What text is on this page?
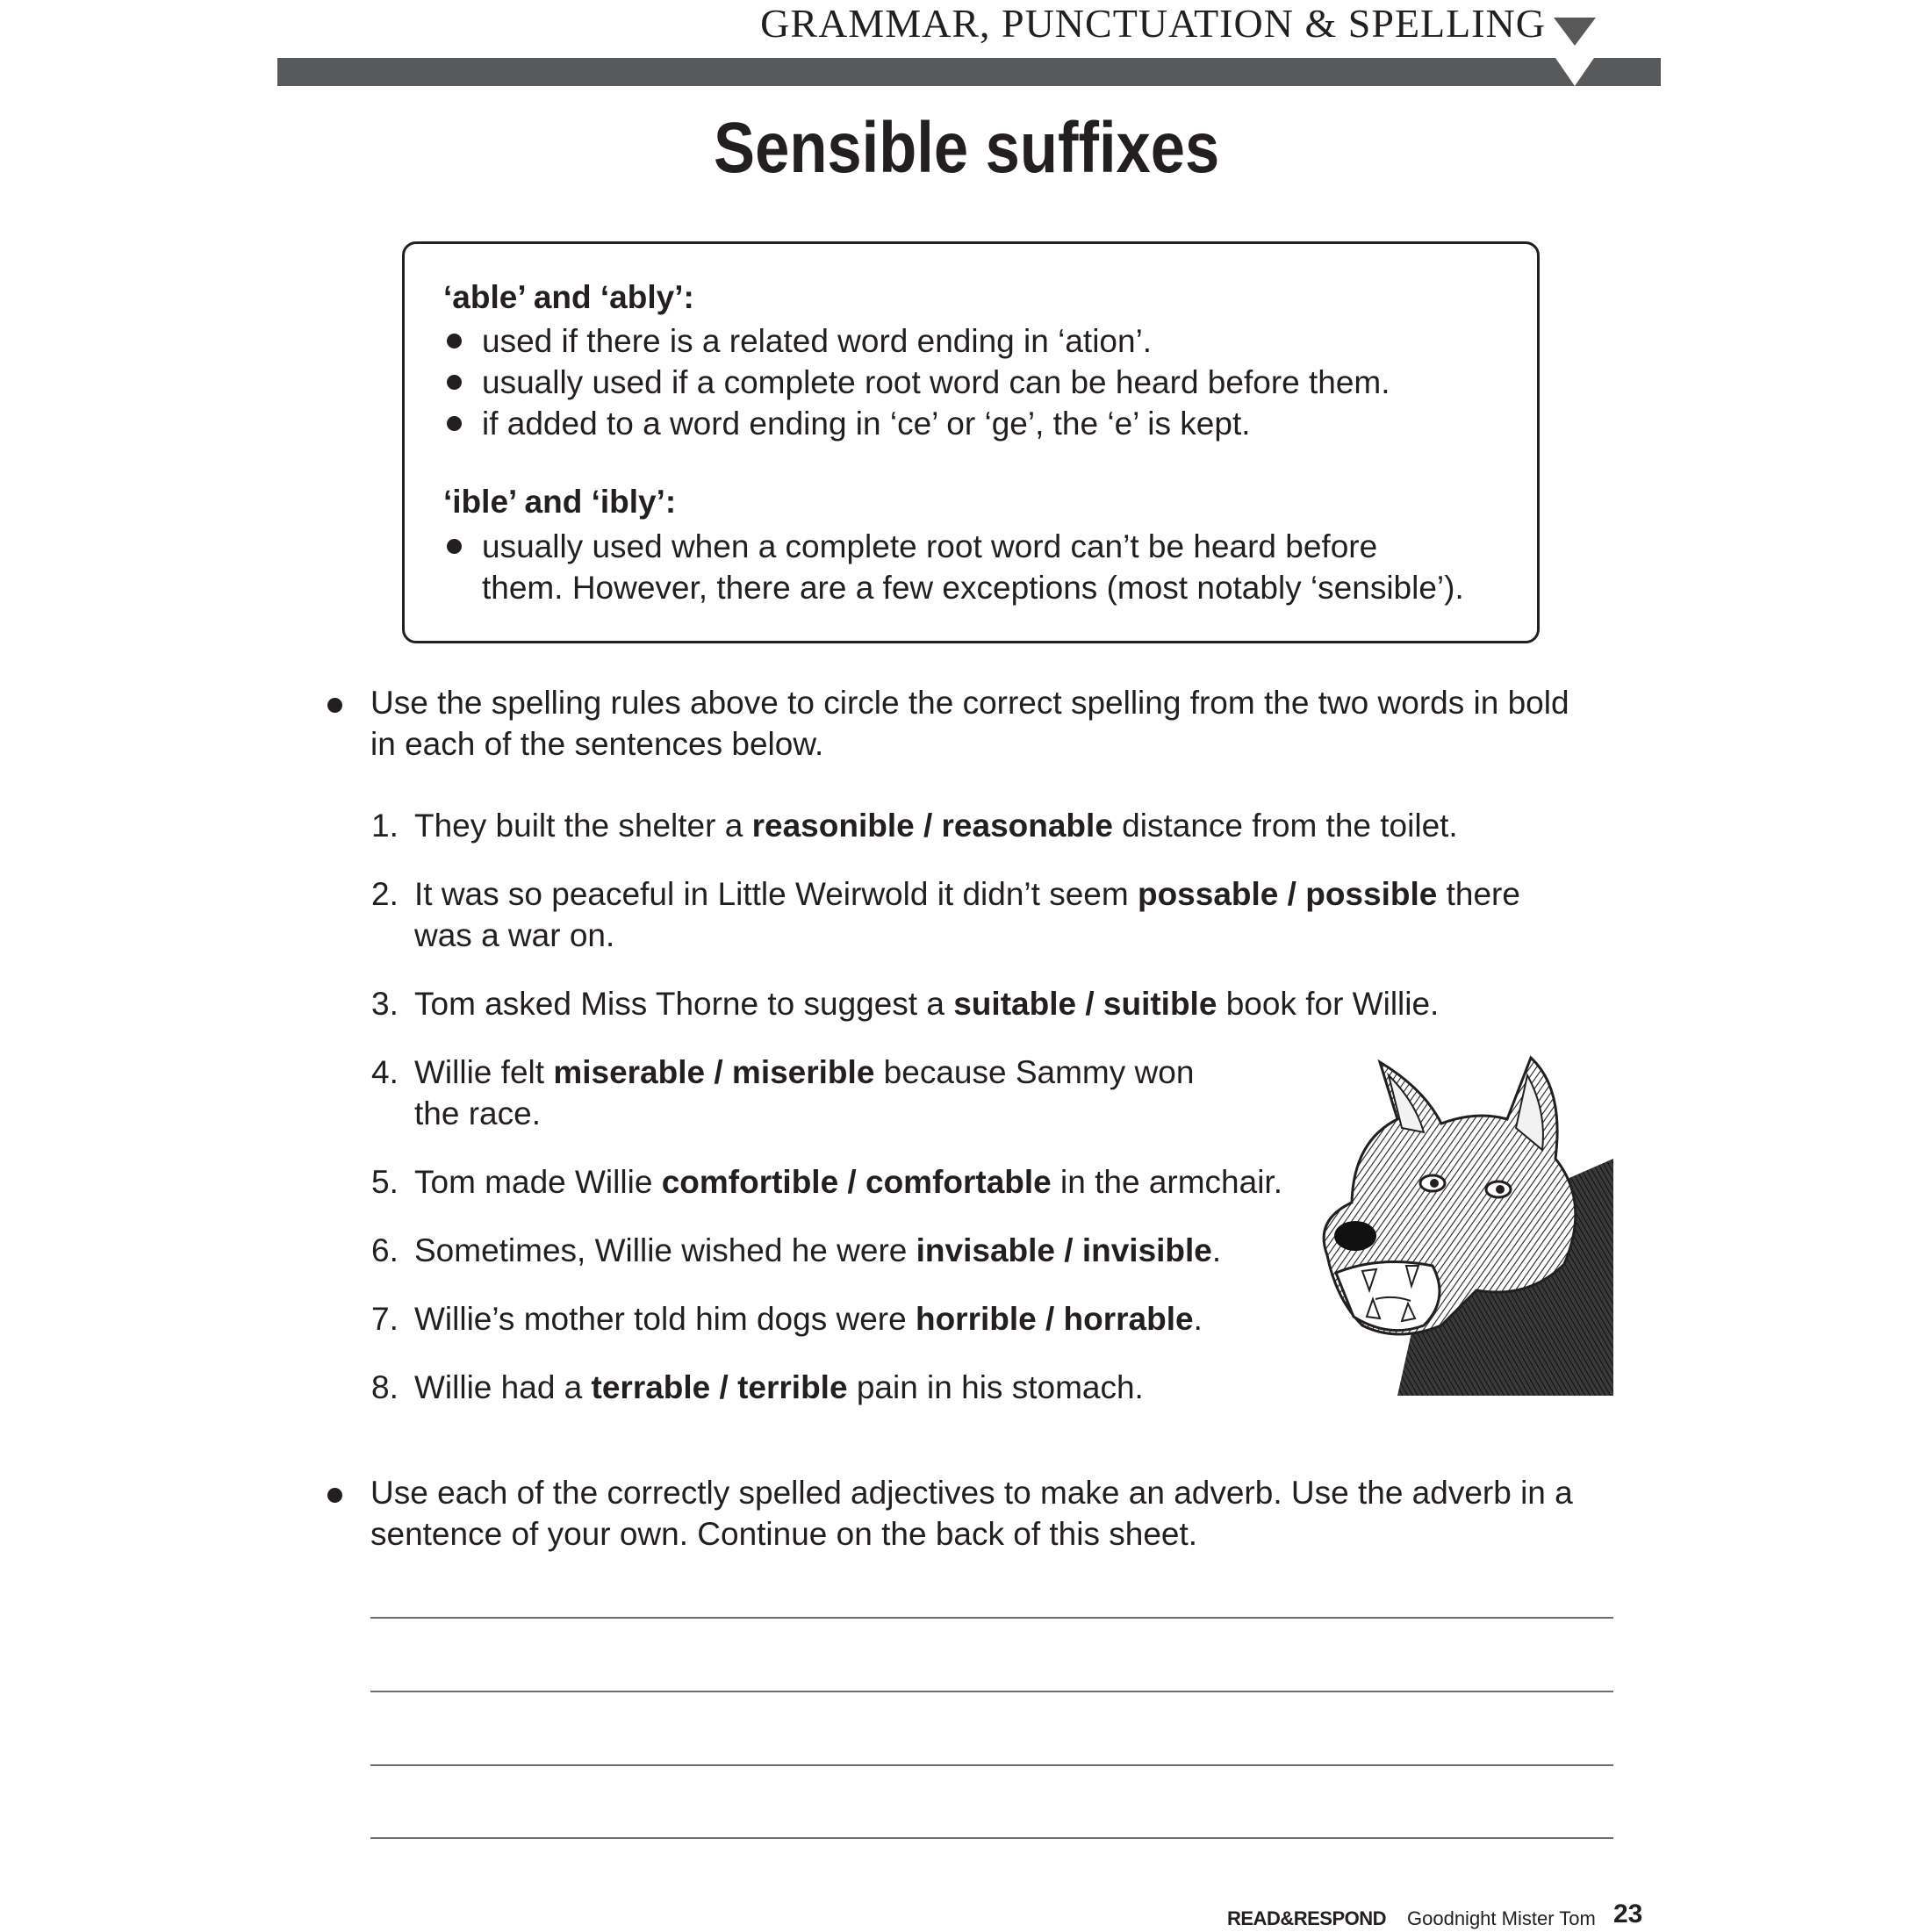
GRAMMAR, PUNCTUATION & SPELLING
Sensible suffixes
‘able’ and ‘ably’:
used if there is a related word ending in ‘ation’.
usually used if a complete root word can be heard before them.
if added to a word ending in ‘ce’ or ‘ge’, the ‘e’ is kept.
‘ible’ and ‘ibly’:
usually used when a complete root word can’t be heard before
them. However, there are a few exceptions (most notably ‘sensible’).
Use the spelling rules above to circle the correct spelling from the two words in bold
in each of the sentences below.
1. They built the shelter a reasonible / reasonable distance from the toilet.
2. It was so peaceful in Little Weirwold it didn’t seem possable / possible there
was a war on.
3. Tom asked Miss Thorne to suggest a suitable / suitible book for Willie.
4. Willie felt miserable / miserible because Sammy won
the race.
5. Tom made Willie comfortible / comfortable in the armchair.
6. Sometimes, Willie wished he were invisable / invisible.
7. Willie’s mother told him dogs were horrible / horrable.
8. Willie had a terrable / terrible pain in his stomach.
Use each of the correctly spelled adjectives to make an adverb. Use the adverb in a
sentence of your own. Continue on the back of this sheet.
READ&RESPOND Goodnight Mister Tom 23
